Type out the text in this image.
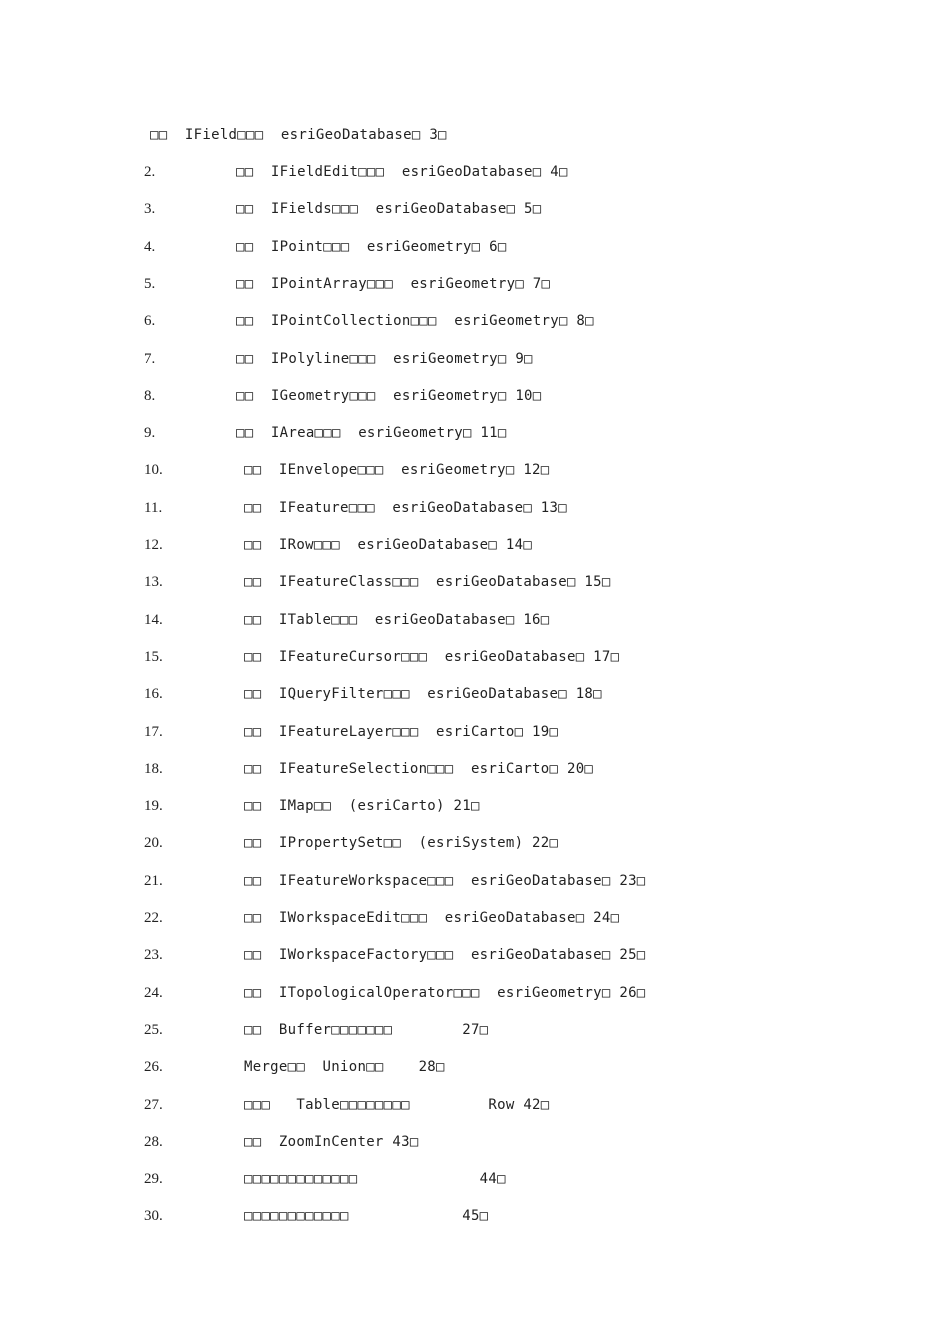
□□  IField□□□  esriGeoDatabase□ 3□
2.	□□  IFieldEdit□□□  esriGeoDatabase□ 4□
3.	□□  IFields□□□  esriGeoDatabase□ 5□
4.	□□  IPoint□□□  esriGeometry□ 6□
5.	□□  IPointArray□□□  esriGeometry□ 7□
6.	□□  IPointCollection□□□  esriGeometry□ 8□
7.	□□  IPolyline□□□  esriGeometry□ 9□
8.	□□  IGeometry□□□  esriGeometry□ 10□
9.	□□  IArea□□□  esriGeometry□ 11□
10.	□□  IEnvelope□□□  esriGeometry□ 12□
11.	□□  IFeature□□□  esriGeoDatabase□ 13□
12.	□□  IRow□□□  esriGeoDatabase□ 14□
13.	□□  IFeatureClass□□□  esriGeoDatabase□ 15□
14.	□□  ITable□□□  esriGeoDatabase□ 16□
15.	□□  IFeatureCursor□□□  esriGeoDatabase□ 17□
16.	□□  IQueryFilter□□□  esriGeoDatabase□ 18□
17.	□□  IFeatureLayer□□□  esriCarto□ 19□
18.	□□  IFeatureSelection□□□  esriCarto□ 20□
19.	□□  IMap□□  (esriCarto) 21□
20.	□□  IPropertySet□□  (esriSystem) 22□
21.	□□  IFeatureWorkspace□□□  esriGeoDatabase□ 23□
22.	□□  IWorkspaceEdit□□□  esriGeoDatabase□ 24□
23.	□□  IWorkspaceFactory□□□  esriGeoDatabase□ 25□
24.	□□  ITopologicalOperator□□□  esriGeometry□ 26□
25.	□□  Buffer□□□□□□□        27□
26.	Merge□□  Union□□    28□
27.	□□□   Table□□□□□□□□         Row 42□
28.	□□  ZoomInCenter 43□
29.	□□□□□□□□□□□□□              44□
30.	□□□□□□□□□□□□             45□
